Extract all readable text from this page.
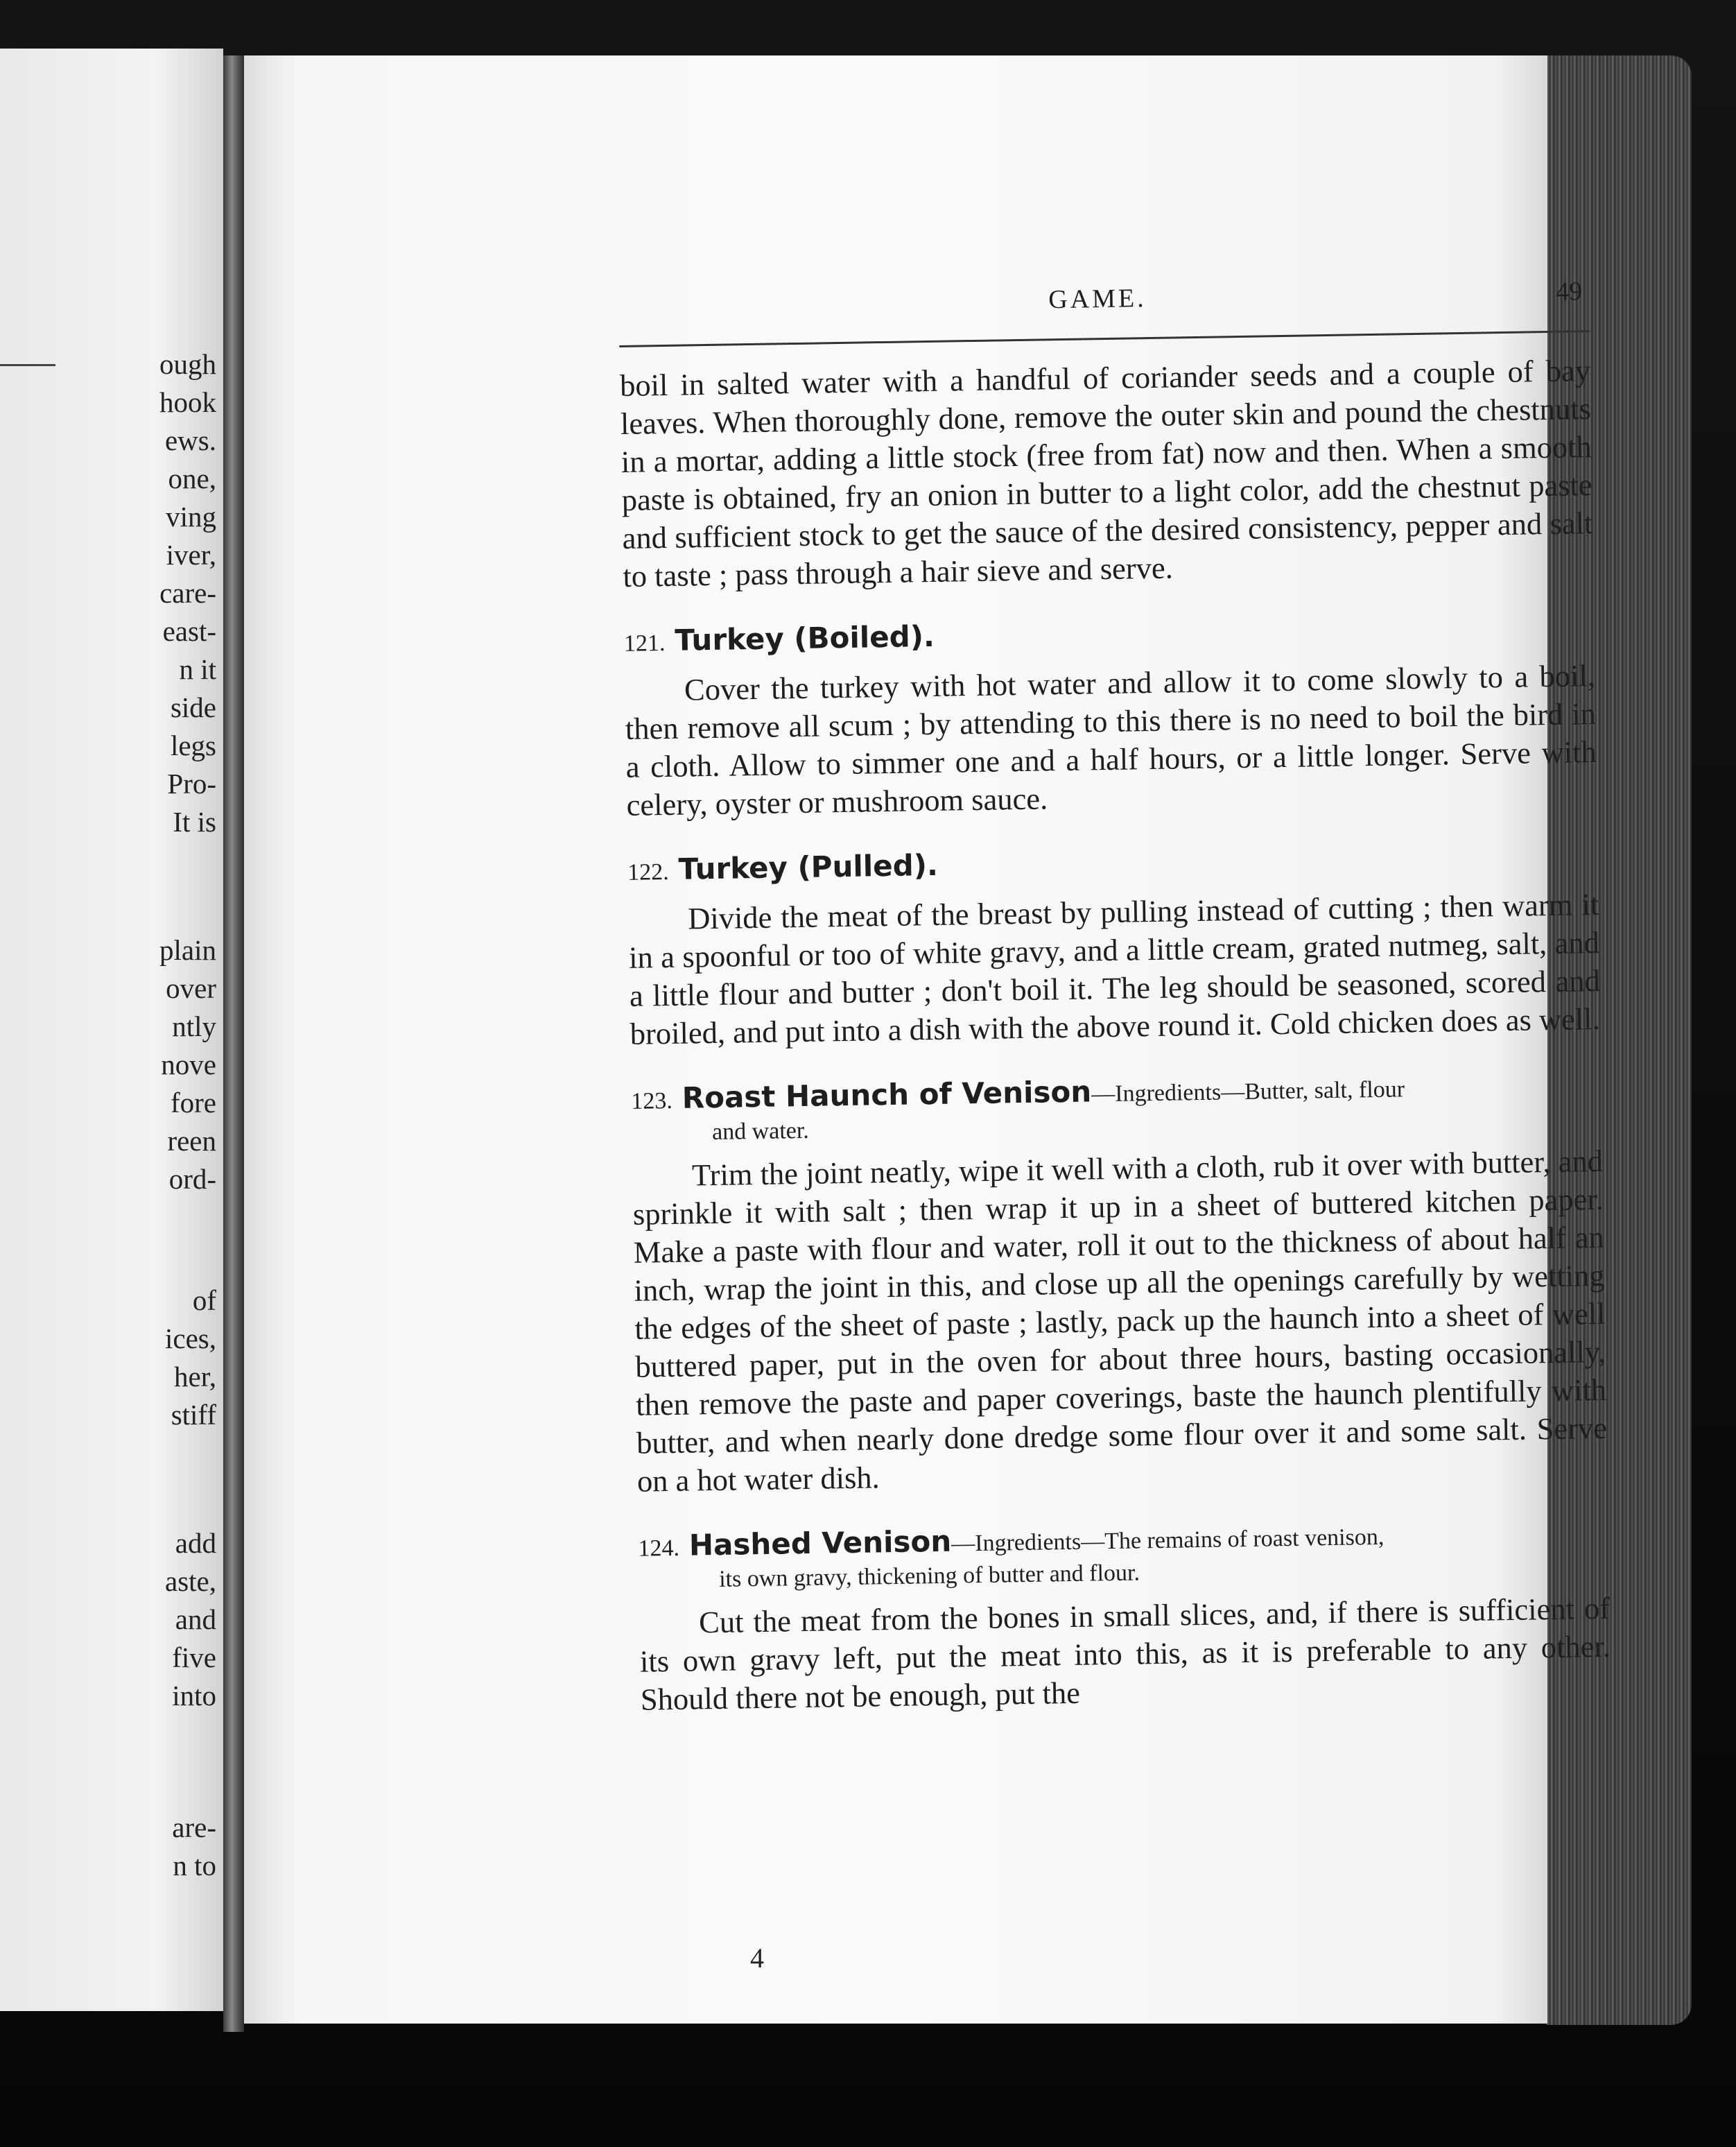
ough
hook
ews.
one,
ving
iver,
care-
east-
n it
side
legs
Pro-
It is
plain
over
ntly
nove
fore
reen
ord-
of
ices,
her,
stiff
add
aste,
and
five
into
are-
n to
GAME.	49

boil in salted water with a handful of coriander seeds and a couple of bay leaves. When thoroughly done, remove the outer skin and pound the chestnuts in a mortar, adding a little stock (free from fat) now and then. When a smooth paste is obtained, fry an onion in butter to a light color, add the chestnut paste and sufficient stock to get the sauce of the desired consistency, pepper and salt to taste ; pass through a hair sieve and serve.

121. Turkey (Boiled).

Cover the turkey with hot water and allow it to come slowly to a boil, then remove all scum ; by attending to this there is no need to boil the bird in a cloth. Allow to simmer one and a half hours, or a little longer. Serve with celery, oyster or mushroom sauce.

122. Turkey (Pulled).

Divide the meat of the breast by pulling instead of cutting ; then warm it in a spoonful or too of white gravy, and a little cream, grated nutmeg, salt, and a little flour and butter ; don't boil it. The leg should be seasoned, scored and broiled, and put into a dish with the above round it. Cold chicken does as well.

123. Roast Haunch of Venison—Ingredients—Butter, salt, flour
and water.

Trim the joint neatly, wipe it well with a cloth, rub it over with butter, and sprinkle it with salt ; then wrap it up in a sheet of buttered kitchen paper. Make a paste with flour and water, roll it out to the thickness of about half an inch, wrap the joint in this, and close up all the openings carefully by wetting the edges of the sheet of paste ; lastly, pack up the haunch into a sheet of well buttered paper, put in the oven for about three hours, basting occasionally, then remove the paste and paper coverings, baste the haunch plentifully with butter, and when nearly done dredge some flour over it and some salt. Serve on a hot water dish.

124. Hashed Venison—Ingredients—The remains of roast venison,
its own gravy, thickening of butter and flour.

Cut the meat from the bones in small slices, and, if there is sufficient of its own gravy left, put the meat into this, as it is preferable to any other. Should there not be enough, put the

4
